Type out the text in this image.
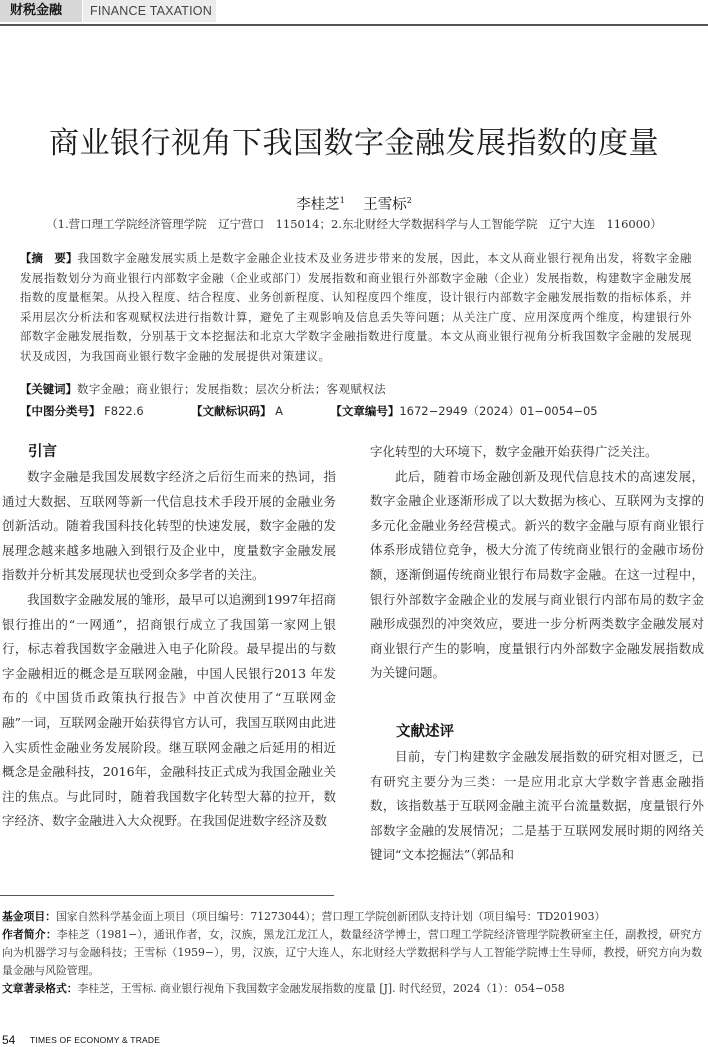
财税金融	FINANCE TAXATION
商业银行视角下我国数字金融发展指数的度量
李桂芝$^1$ 王雪标$^2$
（1.营口理工学院经济管理学院　辽宁营口　115014；2.东北财经大学数据科学与人工智能学院　辽宁大连　116000）
【摘　要】我国数字金融发展实质上是数字金融企业技术及业务进步带来的发展，因此，本文从商业银行视角出发，将数字金融发展指数划分为商业银行内部数字金融（企业或部门）发展指数和商业银行外部数字金融（企业）发展指数，构建数字金融发展指数的度量框架。从投入程度、结合程度、业务创新程度、认知程度四个维度，设计银行内部数字金融发展指数的指标体系，并采用层次分析法和客观赋权法进行指数计算，避免了主观影响及信息丢失等问题；从关注广度、应用深度两个维度，构建银行外部数字金融发展指数，分别基于文本挖掘法和北京大学数字金融指数进行度量。本文从商业银行视角分析我国数字金融的发展现状及成因，为我国商业银行数字金融的发展提供对策建议。
【关键词】数字金融；商业银行；发展指数；层次分析法；客观赋权法
【中图分类号】 F822.6	【文献标识码】 A	【文章编号】1672−2949（2024）01−0054−05
引言

数字金融是我国发展数字经济之后衍生而来的热词，指通过大数据、互联网等新一代信息技术手段开展的金融业务创新活动。随着我国科技化转型的快速发展，数字金融的发展理念越来越多地融入到银行及企业中，度量数字金融发展指数并分析其发展现状也受到众多学者的关注。

我国数字金融发展的雏形，最早可以追溯到1997年招商银行推出的“一网通”，招商银行成立了我国第一家网上银行，标志着我国数字金融进入电子化阶段。最早提出的与数字金融相近的概念是互联网金融，中国人民银行2013 年发布的《中国货币政策执行报告》中首次使用了“互联网金融”一词，互联网金融开始获得官方认可，我国互联网由此进入实质性金融业务发展阶段。继互联网金融之后延用的相近概念是金融科技，2016年，金融科技正式成为我国金融业关注的焦点。与此同时，随着我国数字化转型大幕的拉开，数字经济、数字金融进入大众视野。在我国促进数字经济及数

字化转型的大环境下，数字金融开始获得广泛关注。

此后，随着市场金融创新及现代信息技术的高速发展，数字金融企业逐渐形成了以大数据为核心、互联网为支撑的多元化金融业务经营模式。新兴的数字金融与原有商业银行体系形成错位竞争，极大分流了传统商业银行的金融市场份额，逐渐倒逼传统商业银行布局数字金融。在这一过程中，银行外部数字金融企业的发展与商业银行内部布局的数字金融形成强烈的冲突效应，要进一步分析两类数字金融发展对商业银行产生的影响，度量银行内外部数字金融发展指数成为关键问题。

文献述评

目前，专门构建数字金融发展指数的研究相对匮乏，已有研究主要分为三类：一是应用北京大学数字普惠金融指数，该指数基于互联网金融主流平台流量数据，度量银行外部数字金融的发展情况；二是基于互联网发展时期的网络关键词“文本挖掘法”（郭品和

基金项目：国家自然科学基金面上项目（项目编号：71273044）；营口理工学院创新团队支持计划（项目编号：TD201903）

作者简介：李桂芝（1981−），通讯作者，女，汉族，黑龙江龙江人，数量经济学博士，营口理工学院经济管理学院教研室主任，副教授，研究方向为机器学习与金融科技；王雪标（1959−），男，汉族，辽宁大连人，东北财经大学数据科学与人工智能学院博士生导师，教授，研究方向为数量金融与风险管理。

文章著录格式：李桂芝，王雪标. 商业银行视角下我国数字金融发展指数的度量 [J]. 时代经贸，2024（1）：054−058

54 TIMES OF ECONOMY & TRADE
